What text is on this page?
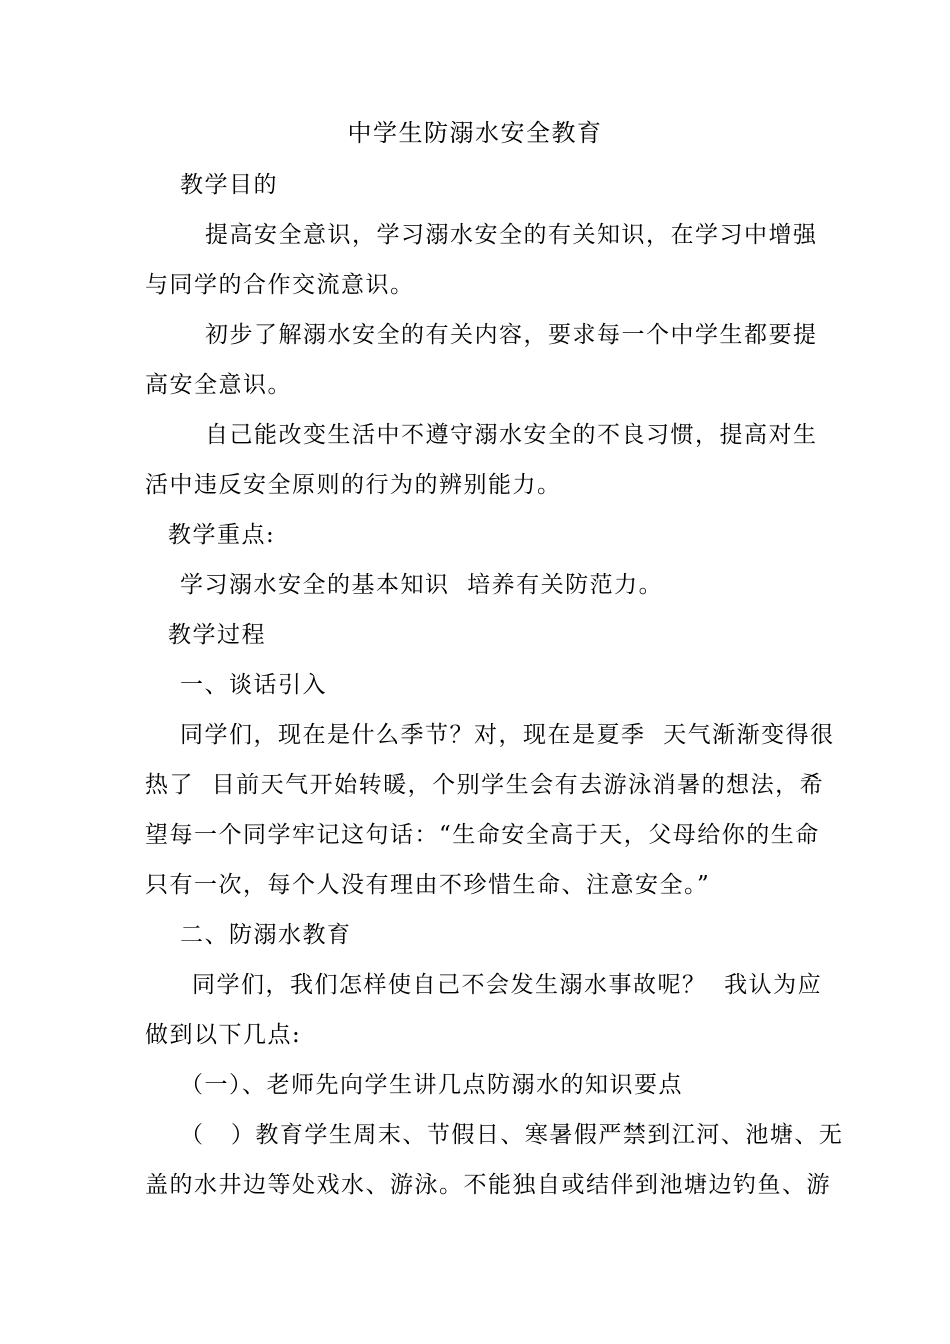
中学生防溺水安全教育
教学目的
提高安全意识，学习溺水安全的有关知识，在学习中增强
与同学的合作交流意识。
初步了解溺水安全的有关内容，要求每一个中学生都要提
高安全意识。
自己能改变生活中不遵守溺水安全的不良习惯，提高对生
活中违反安全原则的行为的辨别能力。
教学重点:
学习溺水安全的基本知识  培养有关防范力。
教学过程
一、谈话引入
同学们，现在是什么季节？对，现在是夏季  天气渐渐变得很
热了  目前天气开始转暖，个别学生会有去游泳消暑的想法，希
望每一个同学牢记这句话：“生命安全高于天，父母给你的生命
只有一次，每个人没有理由不珍惜生命、注意安全。”
二、防溺水教育
同学们，我们怎样使自己不会发生溺水事故呢？  我认为应
做到以下几点:
（一）、老师先向学生讲几点防溺水的知识要点
（   ）教育学生周末、节假日、寒暑假严禁到江河、池塘、无
盖的水井边等处戏水、游泳。不能独自或结伴到池塘边钓鱼、游
